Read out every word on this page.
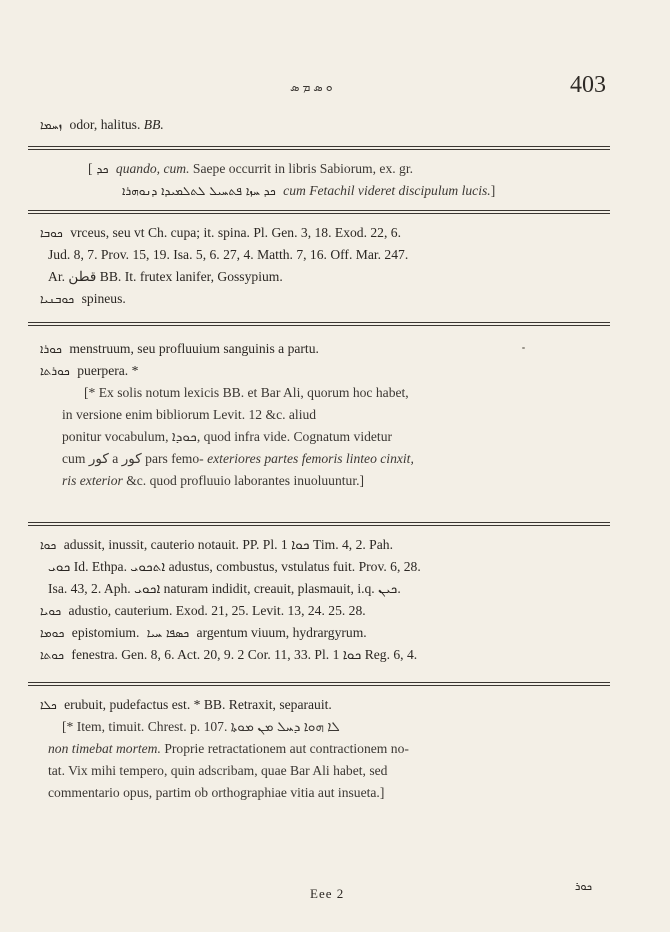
ܘ ܣ ܡ ܣ	403
ܙܚܡܐ odor, halitus. BB.

[ ܟܕ quando, cum. Saepe occurrit in libris Sabiorum, ex. gr.

ܟܕ ܚܙܐ ܦܬܚܝܠ ܠܬܠܡܝܕܐ ܕܢܘܗܪܐ cum Fetachil videret discipulum lucis.]

ܟܘܒܐ vrceus, seu vt Ch. cupa; it. spina. Pl. Gen. 3, 18. Exod. 22, 6.

Jud. 8, 7. Prov. 15, 19. Isa. 5, 6. 27, 4. Matth. 7, 16. Off. Mar. 247.

Ar. ﻗﻄﻦ BB. It. frutex lanifer, Gossypium.

ܟܘܒܢܝܐ spineus.

ܟܘܪܐ menstruum, seu profluuium sanguinis a partu.

ܟܘܪܬܐ puerpera. *

[* Ex solis notum lexicis BB. et Bar Ali, quorum hoc habet,

in versione enim bibliorum Levit. 12 &c. aliud

ponitur vocabulum, ܟܘܕܐ, quod infra vide. Cognatum videtur

cum ﻛﻮﺭ a ﻛﻮﺭ pars femo- exteriores partes femoris linteo cinxit,

ris exterior &c. quod profluuio laborantes inuoluuntur.]

ܟܘܐ adussit, inussit, cauterio notauit. PP. Pl. ܟܘܐ 1 Tim. 4, 2. Pah.

ܟܘܝ Id. Ethpa. ܐܬܟܘܝ adustus, combustus, vstulatus fuit. Prov. 6, 28.

Isa. 43, 2. Aph. ܐܟܘܝ naturam indidit, creauit, plasmauit, i.q. ܟܝܢ.

ܟܘܝܐ adustio, cauterium. Exod. 21, 25. Levit. 13, 24. 25. 28.

ܟܘܡܐ epistomium. ܟܣܦܐ ܚܝܐ argentum viuum, hydrargyrum.

ܟܘܬܐ fenestra. Gen. 8, 6. Act. 20, 9. 2 Cor. 11, 33. Pl. ܟܘܐ 1 Reg. 6, 4.

ܟܠܐ erubuit, pudefactus est. * BB. Retraxit, separauit.

[* Item, timuit. Chrest. p. 107. ܠܐ ܗܘܐ ܕܚܠ ܡܢ ܡܘܬܐ

non timebat mortem. Proprie retractationem aut contractionem no-

tat. Vix mihi tempero, quin adscribam, quae Bar Ali habet, sed

commentario opus, partim ob orthographiae vitia aut insueta.]

Eee 2	ܟܘܪ
